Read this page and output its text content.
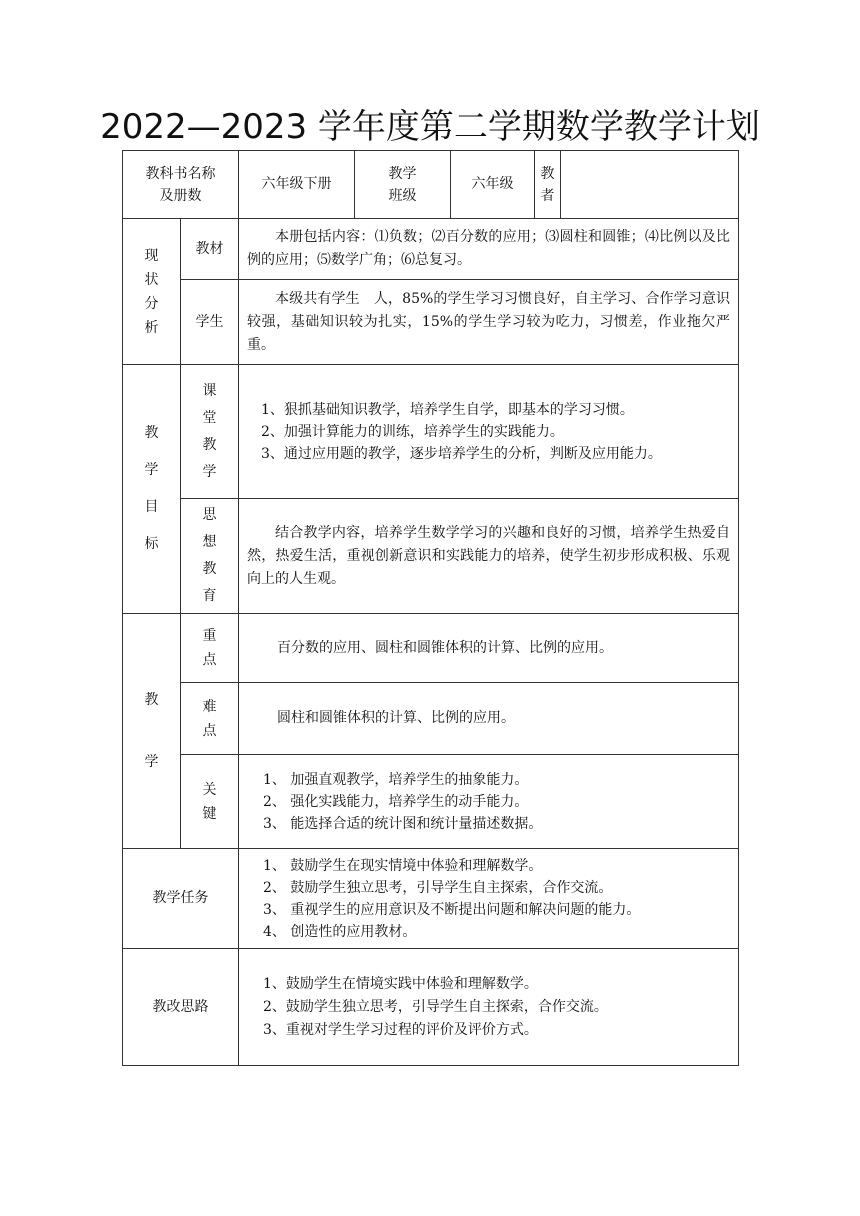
2022—2023 学年度第二学期数学教学计划
教科书名称及册数		六年级下册	教学班级	六年级	教者	

现状分析	教材	本册包括内容：⑴负数；⑵百分数的应用；⑶圆柱和圆锥；⑷比例以及比例的应用；⑸数学广角；⑹总复习。				

	学生	本级共有学生　人，85%的学生学习习惯良好，自主学习、合作学习意识较强，基础知识较为扎实，15%的学生学习较为吃力，习惯差，作业拖欠严重。				

教学目标	课堂教学	1、狠抓基础知识教学，培养学生自学，即基本的学习习惯。
2、加强计算能力的训练，培养学生的实践能力。
3、通过应用题的教学，逐步培养学生的分析，判断及应用能力。				

	思想教育	结合教学内容，培养学生数学学习的兴趣和良好的习惯，培养学生热爱自然，热爱生活，重视创新意识和实践能力的培养，使学生初步形成积极、乐观向上的人生观。				

教学	重点	百分数的应用、圆柱和圆锥体积的计算、比例的应用。				

	难点	圆柱和圆锥体积的计算、比例的应用。				

	关键	1、 加强直观教学，培养学生的抽象能力。
2、 强化实践能力，培养学生的动手能力。
3、 能选择合适的统计图和统计量描述数据。				

教学任务		1、 鼓励学生在现实情境中体验和理解数学。
2、 鼓励学生独立思考，引导学生自主探索，合作交流。
3、 重视学生的应用意识及不断提出问题和解决问题的能力。
4、 创造性的应用教材。				

教改思路		1、鼓励学生在情境实践中体验和理解数学。
2、鼓励学生独立思考，引导学生自主探索，合作交流。
3、重视对学生学习过程的评价及评价方式。				
